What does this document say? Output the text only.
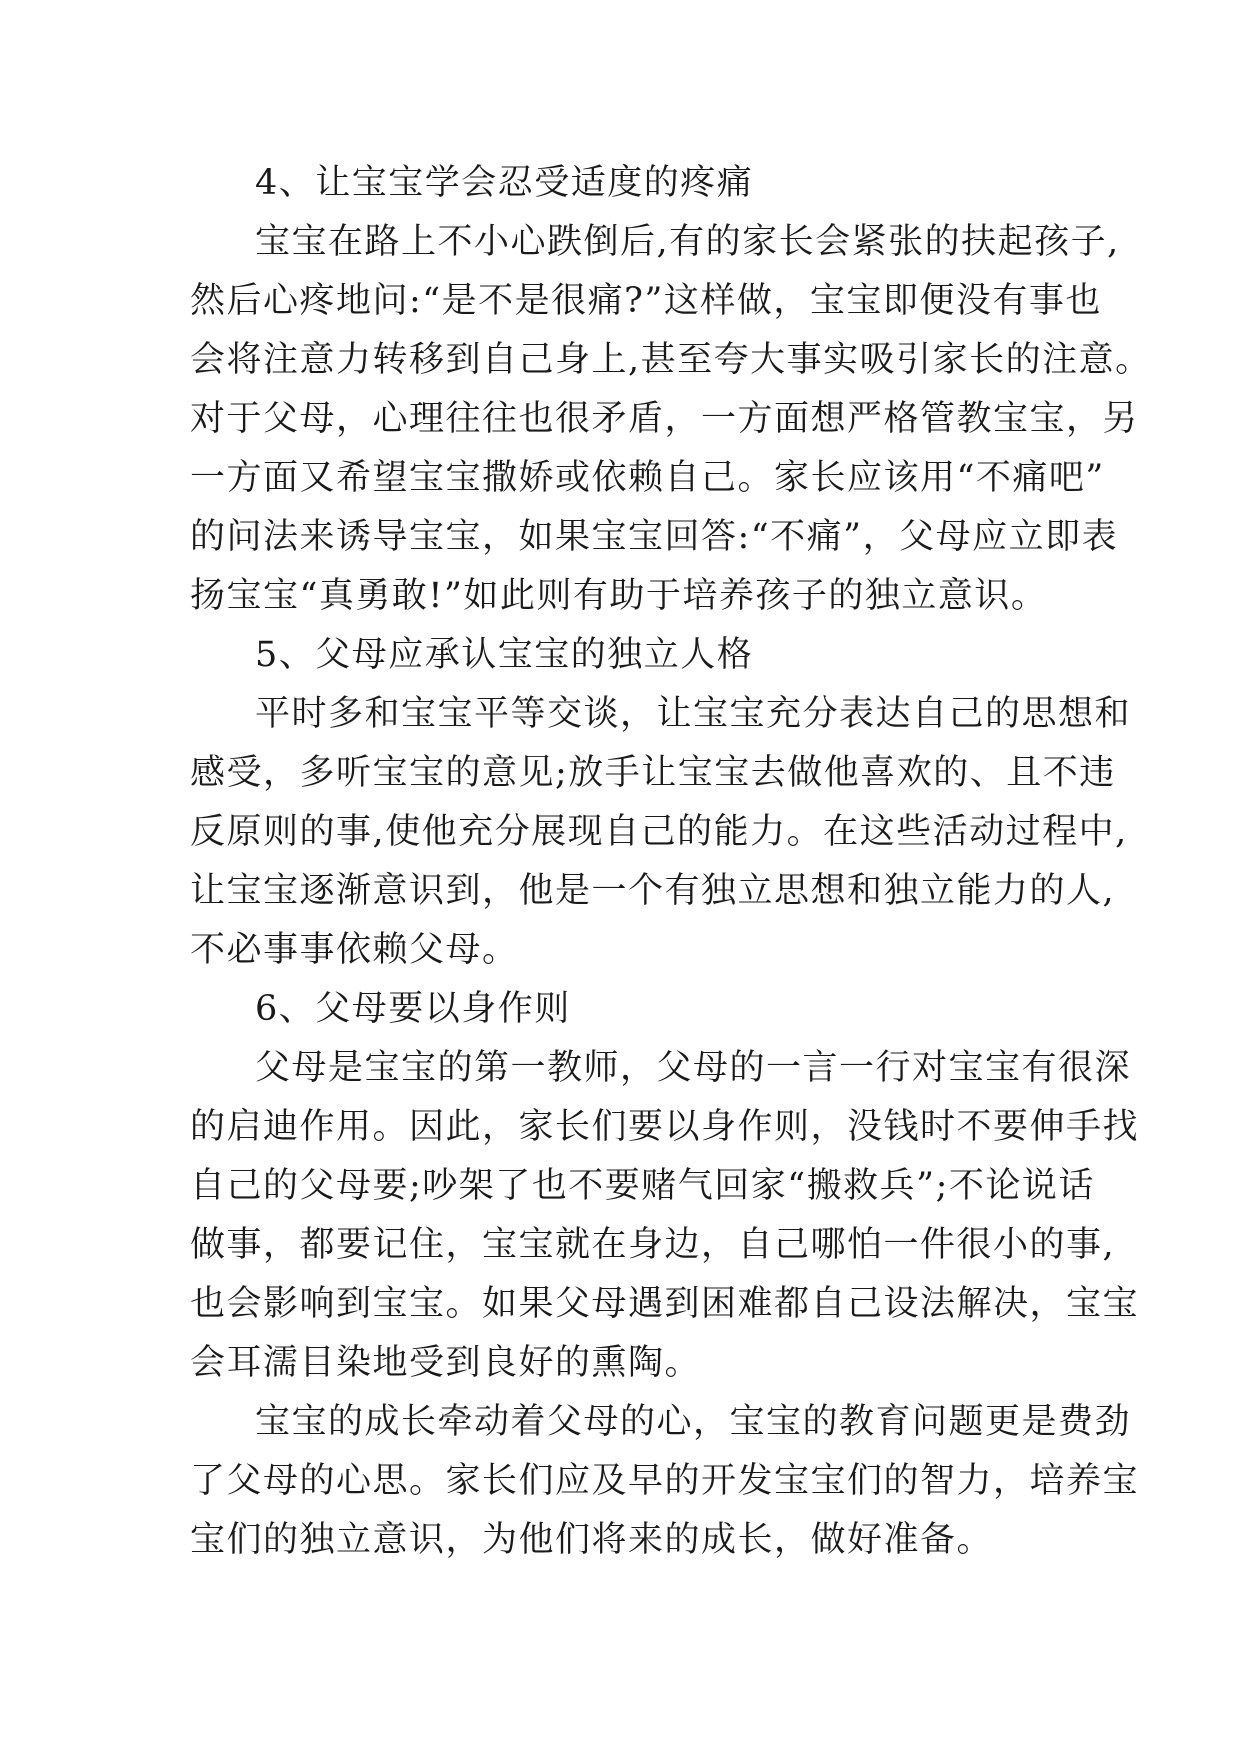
4、让宝宝学会忍受适度的疼痛

宝宝在路上不小心跌倒后,有的家长会紧张的扶起孩子,

然后心疼地问:“是不是很痛?”这样做，宝宝即便没有事也

会将注意力转移到自己身上,甚至夸大事实吸引家长的注意。

对于父母，心理往往也很矛盾，一方面想严格管教宝宝，另

一方面又希望宝宝撒娇或依赖自己。家长应该用“不痛吧”

的问法来诱导宝宝，如果宝宝回答:“不痛”，父母应立即表

扬宝宝“真勇敢!”如此则有助于培养孩子的独立意识。

5、父母应承认宝宝的独立人格

平时多和宝宝平等交谈，让宝宝充分表达自己的思想和

感受，多听宝宝的意见;放手让宝宝去做他喜欢的、且不违

反原则的事,使他充分展现自己的能力。在这些活动过程中,

让宝宝逐渐意识到，他是一个有独立思想和独立能力的人,

不必事事依赖父母。

6、父母要以身作则

父母是宝宝的第一教师，父母的一言一行对宝宝有很深

的启迪作用。因此，家长们要以身作则，没钱时不要伸手找

自己的父母要;吵架了也不要赌气回家“搬救兵”;不论说话

做事，都要记住，宝宝就在身边，自己哪怕一件很小的事,

也会影响到宝宝。如果父母遇到困难都自己设法解决，宝宝

会耳濡目染地受到良好的熏陶。

宝宝的成长牵动着父母的心，宝宝的教育问题更是费劲

了父母的心思。家长们应及早的开发宝宝们的智力，培养宝

宝们的独立意识，为他们将来的成长，做好准备。
